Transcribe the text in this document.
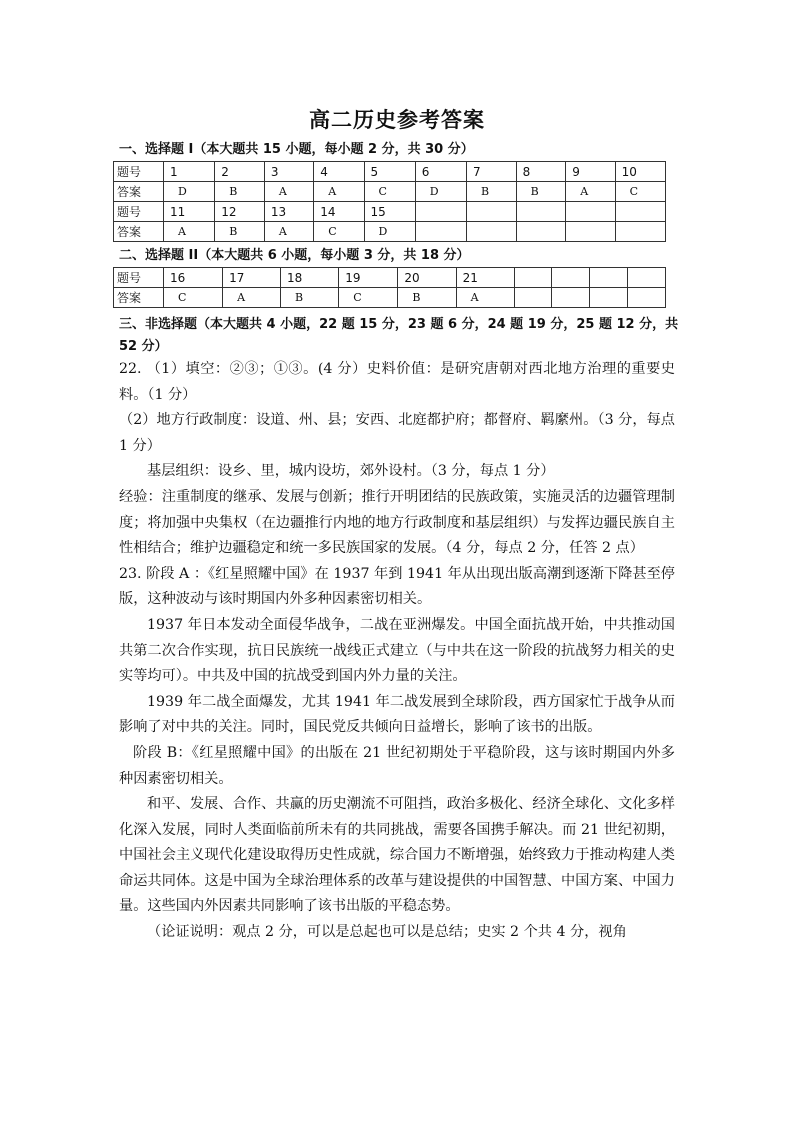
高二历史参考答案
一、选择题 I（本大题共 15 小题，每小题 2 分，共 30 分）
题号	1	2	3	4	5	6	7	8	9	10
答案	D	B	A	A	C	D	B	B	A	C
题号	11	12	13	14	15					
答案	A	B	A	C	D					
二、选择题 II（本大题共 6 小题，每小题 3 分，共 18 分）
题号	16	17	18	19	20	21				
答案	C	A	B	C	B	A				
三、非选择题（本大题共 4 小题，22 题 15 分，23 题 6 分，24 题 19 分，25 题 12 分，共 52 分）

22. （1）填空：②③；①③。(4 分）史料价值：是研究唐朝对西北地方治理的重要史料。（1 分）

（2）地方行政制度：设道、州、县；安西、北庭都护府；都督府、羁縻州。（3 分，每点 1 分）

基层组织：设乡、里，城内设坊，郊外设村。（3 分，每点 1 分）

经验：注重制度的继承、发展与创新；推行开明团结的民族政策，实施灵活的边疆管理制度；将加强中央集权（在边疆推行内地的地方行政制度和基层组织）与发挥边疆民族自主性相结合；维护边疆稳定和统一多民族国家的发展。（4 分，每点 2 分，任答 2 点）

23. 阶段 A ：《红星照耀中国》在 1937 年到 1941 年从出现出版高潮到逐渐下降甚至停版，这种波动与该时期国内外多种因素密切相关。

1937 年日本发动全面侵华战争，二战在亚洲爆发。中国全面抗战开始，中共推动国共第二次合作实现，抗日民族统一战线正式建立（与中共在这一阶段的抗战努力相关的史实等均可）。中共及中国的抗战受到国内外力量的关注。

1939 年二战全面爆发，尤其 1941 年二战发展到全球阶段，西方国家忙于战争从而影响了对中共的关注。同时，国民党反共倾向日益增长，影响了该书的出版。

阶段 B：《红星照耀中国》的出版在 21 世纪初期处于平稳阶段，这与该时期国内外多种因素密切相关。

和平、发展、合作、共赢的历史潮流不可阻挡，政治多极化、经济全球化、文化多样化深入发展，同时人类面临前所未有的共同挑战，需要各国携手解决。而 21 世纪初期，中国社会主义现代化建设取得历史性成就，综合国力不断增强，始终致力于推动构建人类命运共同体。这是中国为全球治理体系的改革与建设提供的中国智慧、中国方案、中国力量。这些国内外因素共同影响了该书出版的平稳态势。

（论证说明：观点 2 分，可以是总起也可以是总结；史实 2 个共 4 分，视角
